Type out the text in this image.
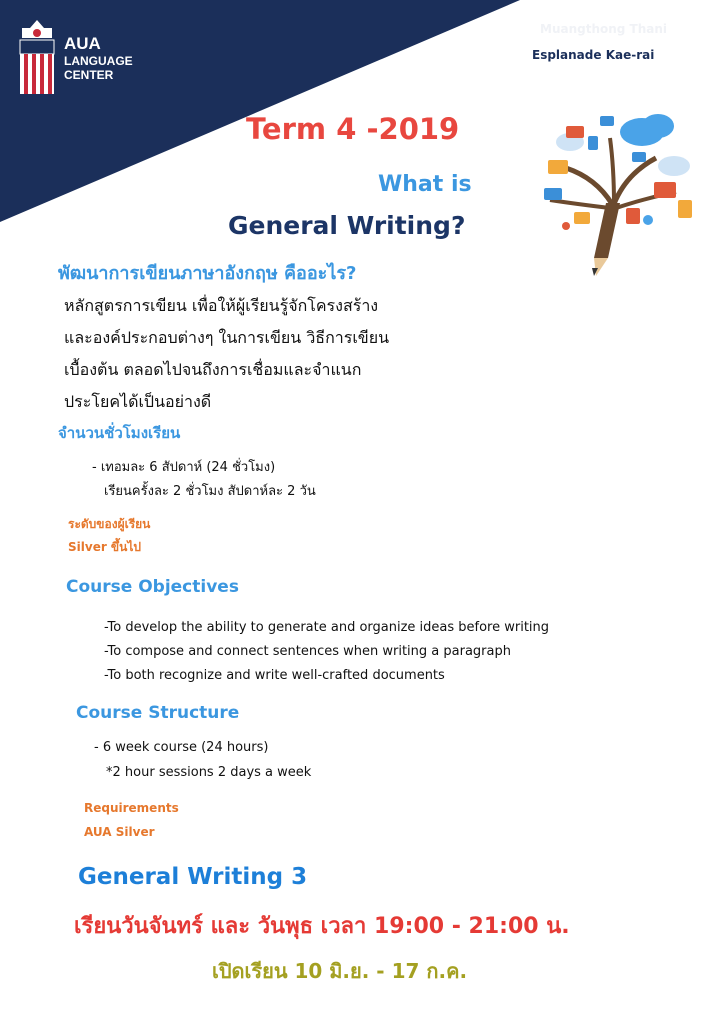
AUA
LANGUAGE
CENTER
Muangthong Thani
Esplanade Kae-rai
Term 4 -2019
What is
General Writing?
พัฒนาการเขียนภาษาอังกฤษ คืออะไร?
หลักสูตรการเขียน เพื่อให้ผู้เรียนรู้จักโครงสร้าง
และองค์ประกอบต่างๆ ในการเขียน วิธีการเขียน
เบื้องต้น ตลอดไปจนถึงการเชื่อมและจำแนก
ประโยคได้เป็นอย่างดี
จำนวนชั่วโมงเรียน
- เทอมละ 6 สัปดาห์ (24 ชั่วโมง)
เรียนครั้งละ 2 ชั่วโมง สัปดาห์ละ 2 วัน
ระดับของผู้เรียน
Silver ขึ้นไป
Course Objectives
-To develop the ability to generate and organize ideas before writing
-To compose and connect sentences when writing a paragraph
-To both recognize and write well-crafted documents
Course Structure
- 6 week course (24 hours)
*2 hour sessions 2 days a week
Requirements
AUA Silver
General Writing 3
เรียนวันจันทร์ และ วันพุธ เวลา 19:00 - 21:00 น.
เปิดเรียน 10 มิ.ย. - 17 ก.ค.
